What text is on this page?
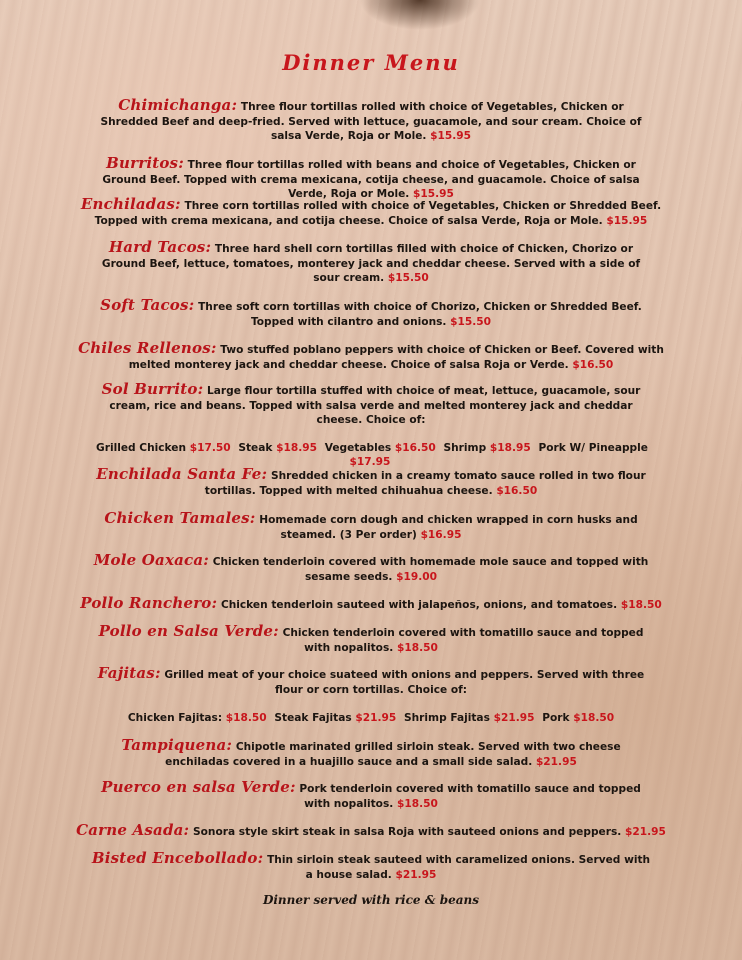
Dinner Menu
Chimichanga: Three flour tortillas rolled with choice of Vegetables, Chicken or Shredded Beef and deep-fried. Served with lettuce, guacamole, and sour cream. Choice of salsa Verde, Roja or Mole. $15.95
Burritos: Three flour tortillas rolled with beans and choice of Vegetables, Chicken or Ground Beef. Topped with crema mexicana, cotija cheese, and guacamole. Choice of salsa Verde, Roja or Mole. $15.95
Enchiladas: Three corn tortillas rolled with choice of Vegetables, Chicken or Shredded Beef. Topped with crema mexicana, and cotija cheese. Choice of salsa Verde, Roja or Mole. $15.95
Hard Tacos: Three hard shell corn tortillas filled with choice of Chicken, Chorizo or Ground Beef, lettuce, tomatoes, monterey jack and cheddar cheese. Served with a side of sour cream. $15.50
Soft Tacos: Three soft corn tortillas with choice of Chorizo, Chicken or Shredded Beef. Topped with cilantro and onions. $15.50
Chiles Rellenos: Two stuffed poblano peppers with choice of Chicken or Beef. Covered with melted monterey jack and cheddar cheese. Choice of salsa Roja or Verde. $16.50
Sol Burrito: Large flour tortilla stuffed with choice of meat, lettuce, guacamole, sour cream, rice and beans. Topped with salsa verde and melted monterey jack and cheddar cheese. Choice of:
Grilled Chicken $17.50 Steak $18.95 Vegetables $16.50 Shrimp $18.95 Pork W/ Pineapple $17.95
Enchilada Santa Fe: Shredded chicken in a creamy tomato sauce rolled in two flour tortillas. Topped with melted chihuahua cheese. $16.50
Chicken Tamales: Homemade corn dough and chicken wrapped in corn husks and steamed. (3 Per order) $16.95
Mole Oaxaca: Chicken tenderloin covered with homemade mole sauce and topped with sesame seeds. $19.00
Pollo Ranchero: Chicken tenderloin sauteed with jalapeños, onions, and tomatoes. $18.50
Pollo en Salsa Verde: Chicken tenderloin covered with tomatillo sauce and topped with nopalitos. $18.50
Fajitas: Grilled meat of your choice suateed with onions and peppers. Served with three flour or corn tortillas. Choice of:
Chicken Fajitas: $18.50 Steak Fajitas $21.95 Shrimp Fajitas $21.95 Pork $18.50
Tampiquena: Chipotle marinated grilled sirloin steak. Served with two cheese enchiladas covered in a huajillo sauce and a small side salad. $21.95
Puerco en salsa Verde: Pork tenderloin covered with tomatillo sauce and topped with nopalitos. $18.50
Carne Asada: Sonora style skirt steak in salsa Roja with sauteed onions and peppers. $21.95
Bisted Encebollado: Thin sirloin steak sauteed with caramelized onions. Served with a house salad. $21.95
Dinner served with rice & beans
